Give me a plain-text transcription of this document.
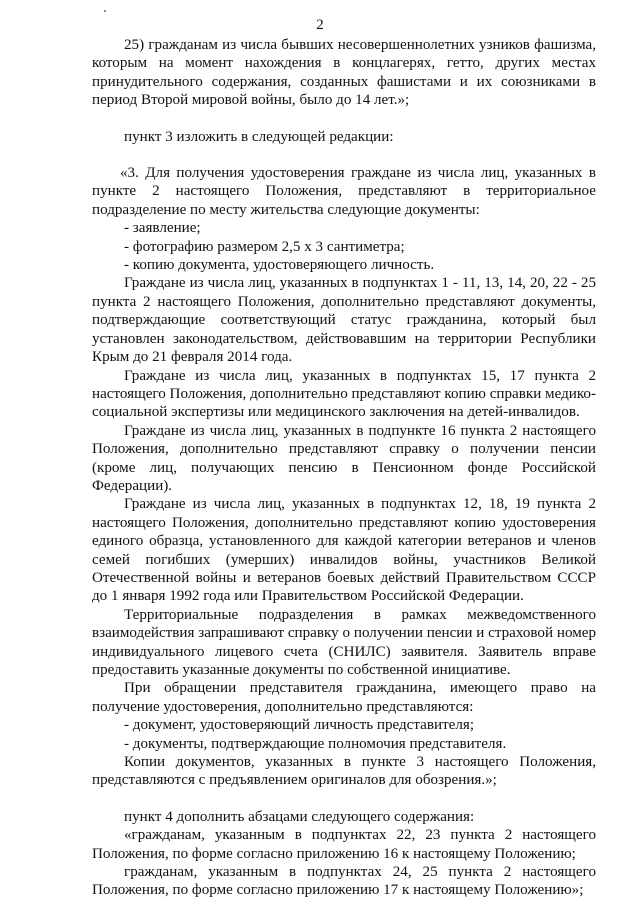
2

25) гражданам из числа бывших несовершеннолетних узников фашизма, которым на момент нахождения в концлагерях, гетто, других местах принудительного содержания, созданных фашистами и их союзниками в период Второй мировой войны, было до 14 лет.»;

пункт 3 изложить в следующей редакции:

«3. Для получения удостоверения граждане из числа лиц, указанных в пункте 2 настоящего Положения, представляют в территориальное подразделение по месту жительства следующие документы:

- заявление;

- фотографию размером 2,5 х 3 сантиметра;

- копию документа, удостоверяющего личность.

Граждане из числа лиц, указанных в подпунктах 1 - 11, 13, 14, 20, 22 - 25 пункта 2 настоящего Положения, дополнительно представляют документы, подтверждающие соответствующий статус гражданина, который был установлен законодательством, действовавшим на территории Республики Крым до 21 февраля 2014 года.

Граждане из числа лиц, указанных в подпунктах 15, 17 пункта 2 настоящего Положения, дополнительно представляют копию справки медико-социальной экспертизы или медицинского заключения на детей-инвалидов.

Граждане из числа лиц, указанных в подпункте 16 пункта 2 настоящего Положения, дополнительно представляют справку о получении пенсии (кроме лиц, получающих пенсию в Пенсионном фонде Российской Федерации).

Граждане из числа лиц, указанных в подпунктах 12, 18, 19 пункта 2 настоящего Положения, дополнительно представляют копию удостоверения единого образца, установленного для каждой категории ветеранов и членов семей погибших (умерших) инвалидов войны, участников Великой Отечественной войны и ветеранов боевых действий Правительством СССР до 1 января 1992 года или Правительством Российской Федерации.

Территориальные подразделения в рамках межведомственного взаимодействия запрашивают справку о получении пенсии и страховой номер индивидуального лицевого счета (СНИЛС) заявителя. Заявитель вправе предоставить указанные документы по собственной инициативе.

При обращении представителя гражданина, имеющего право на получение удостоверения, дополнительно представляются:

- документ, удостоверяющий личность представителя;

- документы, подтверждающие полномочия представителя.

Копии документов, указанных в пункте 3 настоящего Положения, представляются с предъявлением оригиналов для обозрения.»;

пункт 4 дополнить абзацами следующего содержания:

«гражданам, указанным в подпунктах 22, 23 пункта 2 настоящего Положения, по форме согласно приложению 16 к настоящему Положению;

гражданам, указанным в подпунктах 24, 25 пункта 2 настоящего Положения, по форме согласно приложению 17 к настоящему Положению»;
